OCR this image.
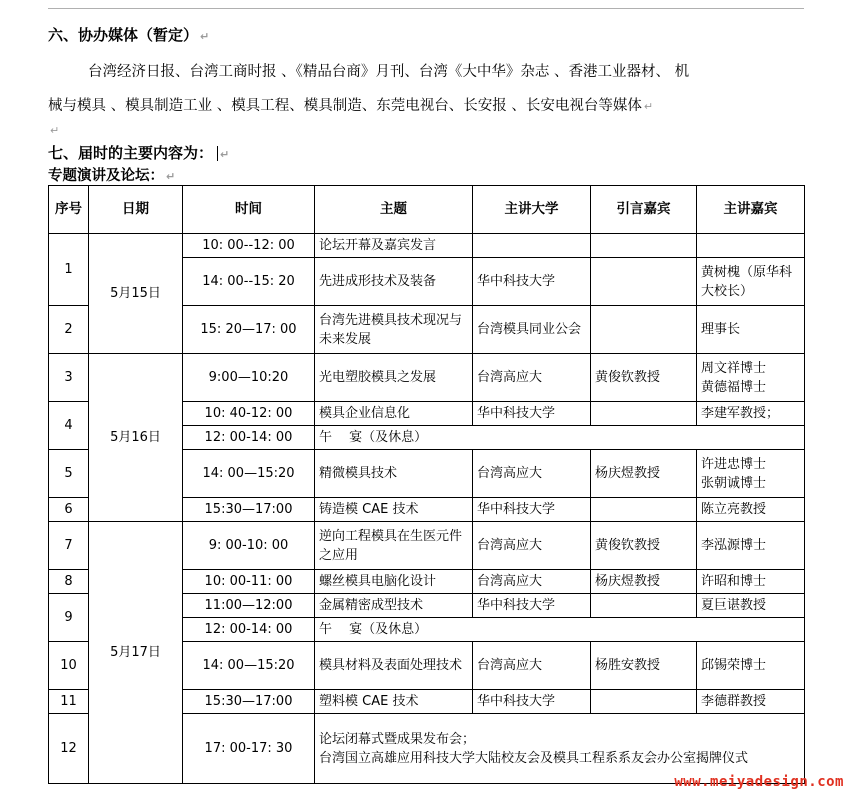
六、协办媒体（暂定） ↵
台湾经济日报、台湾工商时报 、《精品台商》月刊、台湾《大中华》杂志 、香港工业器材、 机
械与模具 、模具制造工业 、模具工程、模具制造、东莞电视台、长安报 、长安电视台等媒体 ↵
↵
七、届时的主要内容为： ↵
专题演讲及论坛： ↵
序号	日期	时间	主题	主讲大学	引言嘉宾	主讲嘉宾
1	5月15日	10: 00--12: 00	论坛开幕及嘉宾发言			
		14: 00--15: 20	先进成形技术及装备	华中科技大学		黄树槐（原华科大校长）
2		15: 20—17: 00	台湾先进模具技术现况与未来发展	台湾模具同业公会		理事长
3	5月16日	9:00—10:20	光电塑胶模具之发展	台湾高应大	黄俊钦教授	周文祥博士
黄德福博士

4		10: 40-12: 00	模具企业信息化	华中科技大学		李建军教授；
		12: 00-14: 00	午　 宴（及休息）			
5		14: 00—15:20	精微模具技术	台湾高应大	杨庆煜教授	许进忠博士
张朝诚博士

6		15:30—17:00	铸造模 CAE 技术	华中科技大学		陈立亮教授
7	5月17日	9: 00-10: 00	逆向工程模具在生医元件之应用	台湾高应大	黄俊钦教授	李泓源博士
8		10: 00-11: 00	螺丝模具电脑化设计	台湾高应大	杨庆煜教授	许昭和博士
9		11:00—12:00	金属精密成型技术	华中科技大学		夏巨谌教授
		12: 00-14: 00	午　 宴（及休息）			
10		14: 00—15:20	模具材料及表面处理技术	台湾高应大	杨胜安教授	邱锡荣博士
11		15:30—17:00	塑料模 CAE 技术	华中科技大学		李德群教授
12		17: 00-17: 30	论坛闭幕式暨成果发布会；
台湾国立高雄应用科技大学大陆校友会及模具工程系系友会办公室揭牌仪式			
www.meiyadesign.com
